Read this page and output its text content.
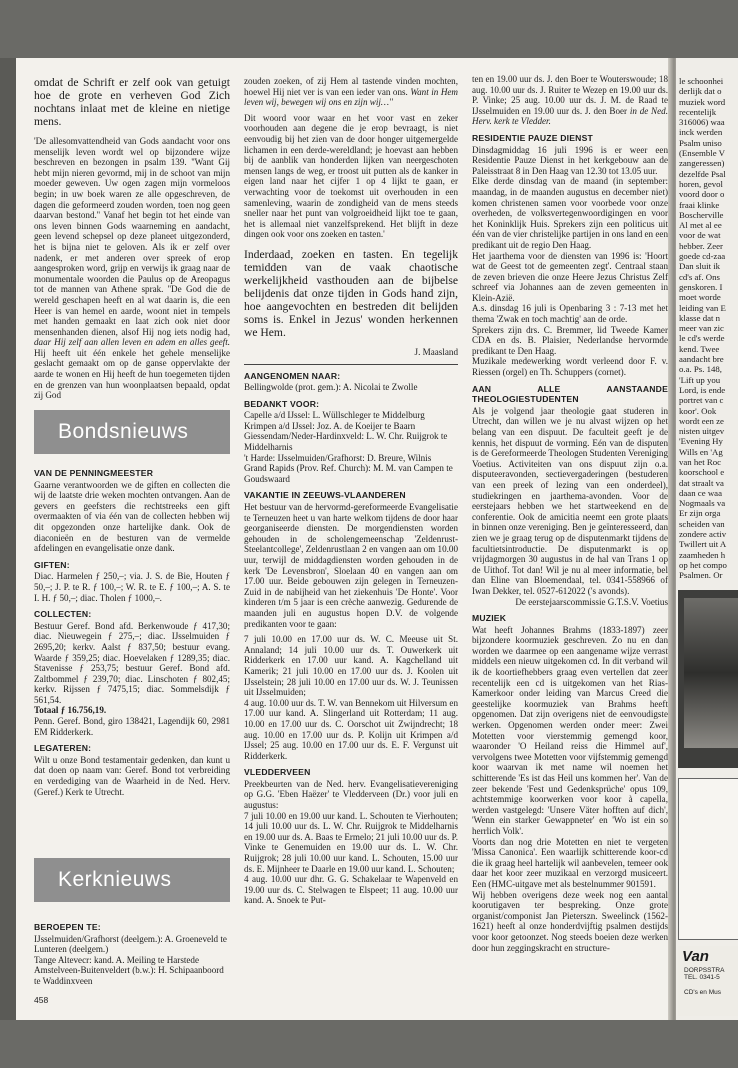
omdat de Schrift er zelf ook van getuigt hoe de grote en verheven God Zich nochtans inlaat met de kleine en nietige mens.

'De allesomvattendheid van Gods aandacht voor ons menselijk leven wordt wel op bijzondere wijze beschreven en bezongen in psalm 139. ''Want Gij hebt mijn nieren gevormd, mij in de schoot van mijn moeder geweven. Uw ogen zagen mijn vormeloos begin; in uw boek waren ze alle opgeschreven, de dagen die geformeerd zouden worden, toen nog geen daarvan bestond.'' Vanaf het begin tot het einde van ons leven binnen Gods waarneming en aandacht, geen levend schepsel op deze planeet uitgezonderd, het is bijna niet te geloven. Als ik er zelf over nadenk, er met anderen over spreek of erop aangesproken word, grijp en verwijs ik graag naar de monumentale woorden die Paulus op de Areopagus tot de mannen van Athene sprak. ''De God die de wereld geschapen heeft en al wat daarin is, die een Heer is van hemel en aarde, woont niet in tempels met handen gemaakt en laat zich ook niet door mensenhanden dienen, alsof Hij nog iets nodig had, daar Hij zelf aan allen leven en adem en alles geeft. Hij heeft uit één enkele het gehele menselijke geslacht gemaakt om op de ganse oppervlakte der aarde te wonen en Hij heeft de hun toegemeten tijden en de grenzen van hun woonplaatsen bepaald, opdat zij God

Bondsnieuws
VAN DE PENNINGMEESTER

Gaarne verantwoorden we de giften en collecten die wij de laatste drie weken mochten ontvangen. Aan de gevers en geefsters die rechtstreeks een gift overmaakten of via één van de collecten hebben wij dit opgezonden onze hartelijke dank. Ook de diaconieën en de besturen van de vermelde afdelingen en evangelisatie onze dank.

GIFTEN:

Diac. Harmelen ƒ 250,–; via. J. S. de Bie, Houten ƒ 50,–; J. P. te R. ƒ 100,–; W. R. te E. ƒ 100,–; A. S. te I. H. ƒ 50,–; diac. Tholen ƒ 1000,–.

COLLECTEN:

Bestuur Geref. Bond afd. Berkenwoude ƒ 417,30; diac. Nieuwegein ƒ 275,–; diac. IJsselmuiden ƒ 2695,20; kerkv. Aalst ƒ 837,50; bestuur evang. Waarde ƒ 359,25; diac. Hoevelaken ƒ 1289,35; diac. Stavenisse ƒ 253,75; bestuur Geref. Bond afd. Zaltbommel ƒ 239,70; diac. Linschoten ƒ 802,45; kerkv. Rijssen ƒ 7475,15; diac. Sommelsdijk ƒ 561,54.

Totaal ƒ 16.756,19.

Penn. Geref. Bond, giro 138421, Lagendijk 60, 2981 EM Ridderkerk.

LEGATEREN:

Wilt u onze Bond testamentair gedenken, dan kunt u dat doen op naam van: Geref. Bond tot verbreiding en verdediging van de Waarheid in de Ned. Herv. (Geref.) Kerk te Utrecht.

Kerknieuws
BEROEPEN TE:

IJsselmuiden/Grafhorst (deelgem.): A. Groeneveld te Lunteren (deelgem.)
Tange Altevecr: kand. A. Meiling te Harstede
Amstelveen-Buitenveldert (b.w.): H. Schipaanboord te Waddinxveen

458

zouden zoeken, of zij Hem al tastende vinden mochten, hoewel Hij niet ver is van een ieder van ons. Want in Hem leven wij, bewegen wij ons en zijn wij…''

Dit woord voor waar en het voor vast en zeker voorhouden aan degene die je erop bevraagt, is niet eenvoudig bij het zien van de door honger uitgemergelde lichamen in een derde-wereldland; je hoevast aan hebben bij de aanblik van honderden lijken van neergeschoten mensen langs de weg, er troost uit putten als de kanker in eigen land naar het cijfer 1 op 4 lijkt te gaan, er verwachting voor de toekomst uit overhouden in een samenleving, waarin de zondigheid van de mens steeds sneller naar het punt van volgroeidheid lijkt toe te gaan, het is allemaal niet vanzelfsprekend. Het blijft in deze dingen ook voor ons zoeken en tasten.'

Inderdaad, zoeken en tasten. En tegelijk temidden van de vaak chaotische werkelijkheid vasthouden aan de bijbelse belijdenis dat onze tijden in Gods hand zijn, hoe aangevochten en bestreden dit belijden soms is. Enkel in Jezus' wonden herkennen we Hem.

J. Maasland

AANGENOMEN NAAR:

Bellingwolde (prot. gem.): A. Nicolai te Zwolle

BEDANKT VOOR:

Capelle a/d IJssel: L. Wüllschleger te Middelburg
Krimpen a/d IJssel: Joz. A. de Koeijer te Baarn
Giessendam/Neder-Hardinxveld: L. W. Chr. Ruijgrok te Middelharnis
't Harde: IJsselmuiden/Grafhorst: D. Breure, Wilnis
Grand Rapids (Prov. Ref. Church): M. M. van Campen te Goudswaard

VAKANTIE IN ZEEUWS-VLAANDEREN

Het bestuur van de hervormd-gereformeerde Evangelisatie te Terneuzen heet u van harte welkom tijdens de door haar georganiseerde diensten. De morgendiensten worden gehouden in de scholengemeenschap 'Zeldenrust-Steelantcollege', Zeldenrustlaan 2 en vangen aan om 10.00 uur, terwijl de middagdiensten worden gehouden in de kerk 'De Levensbron', Sloelaan 40 en vangen aan om 17.00 uur. Beide gebouwen zijn gelegen in Terneuzen-Zuid in de nabijheid van het ziekenhuis 'De Honte'. Voor kinderen t/m 5 jaar is een crèche aanwezig. Gedurende de maanden juli en augustus hopen D.V. de volgende predikanten voor te gaan:

7 juli 10.00 en 17.00 uur ds. W. C. Meeuse uit St. Annaland; 14 juli 10.00 uur ds. T. Ouwerkerk uit Ridderkerk en 17.00 uur kand. A. Kagchelland uit Kamerik; 21 juli 10.00 en 17.00 uur ds. J. Koolen uit IJsselstein; 28 juli 10.00 en 17.00 uur ds. W. J. Teunissen uit IJsselmuiden;
4 aug. 10.00 uur ds. T. W. van Bennekom uit Hilversum en 17.00 uur kand. A. Slingerland uit Rotterdam; 11 aug. 10.00 en 17.00 uur ds. C. Oorschot uit Zwijndrecht; 18 aug. 10.00 en 17.00 uur ds. P. Kolijn uit Krimpen a/d IJssel; 25 aug. 10.00 en 17.00 uur ds. E. F. Vergunst uit Ridderkerk.

VLEDDERVEEN

Preekbeurten van de Ned. herv. Evangelisatievereniging op G.G. 'Eben Haëzer' te Vledderveen (Dr.) voor juli en augustus:
7 juli 10.00 en 19.00 uur kand. L. Schouten te Vierhouten; 14 juli 10.00 uur ds. L. W. Chr. Ruijgrok te Middelharnis en 19.00 uur ds. A. Baas te Ermelo; 21 juli 10.00 uur ds. P. Vinke te Genemuiden en 19.00 uur ds. L. W. Chr. Ruijgrok; 28 juli 10.00 uur kand. L. Schouten, 15.00 uur ds. E. Mijnheer te Daarle en 19.00 uur kand. L. Schouten;
4 aug. 10.00 uur dhr. G. G. Schakelaar te Wapenveld en 19.00 uur ds. C. Stelwagen te Elspeet; 11 aug. 10.00 uur kand. A. Snoek te Put-

ten en 19.00 uur ds. J. den Boer te Wouterswoude; 18 aug. 10.00 uur ds. J. Ruiter te Wezep en 19.00 uur ds. P. Vinke; 25 aug. 10.00 uur ds. J. M. de Raad te IJsselmuiden en 19.00 uur ds. J. den Boer in de Ned. Herv. kerk te Vledder.

RESIDENTIE PAUZE DIENST

Dinsdagmiddag 16 juli 1996 is er weer een Residentie Pauze Dienst in het kerkgebouw aan de Paleisstraat 8 in Den Haag van 12.30 tot 13.05 uur.

Elke derde dinsdag van de maand (in september: maandag, in de maanden augustus en december niet) komen christenen samen voor voorbede voor onze overheden, de volksvertegenwoordigingen en voor het Koninklijk Huis. Sprekers zijn een politicus uit één van de vier christelijke partijen in ons land en een predikant uit de regio Den Haag.

Het jaarthema voor de diensten van 1996 is: 'Hoort wat de Geest tot de gemeenten zegt'. Centraal staan de zeven brieven die onze Heere Jezus Christus Zelf schreef via Johannes aan de zeven gemeenten in Klein-Azië.

A.s. dinsdag 16 juli is Openbaring 3 : 7-13 met het thema 'Zwak en toch machtig' aan de orde.
Sprekers zijn drs. C. Bremmer, lid Tweede Kamer CDA en ds. B. Plaisier, Nederlandse hervormde predikant te Den Haag.
Muzikale medewerking wordt verleend door F. v. Riessen (orgel) en Th. Schuppers (cornet).

AAN ALLE AANSTAANDE THEOLOGIESTUDENTEN

Als je volgend jaar theologie gaat studeren in Utrecht, dan willen we je nu alvast wijzen op het belang van een dispuut. De faculteit geeft je de kennis, het dispuut de vorming. Eén van de disputen is de Gereformeerde Theologen Studenten Vereniging Voetius. Activiteiten van ons dispuut zijn o.a. disputeeravonden, sectievergaderingen (bestuderen van een preek of lezing van een onderdeel), studiekringen en jaarthema-avonden. Voor de eerstejaars hebben we het startweekend en de conferentie. Ook de amicitia neemt een grote plaats in binnen onze vereniging. Ben je geïnteresseerd, dan zien we je graag terug op de disputenmarkt tijdens de facultietsintroductie. De disputenmarkt is op vrijdagmorgen 30 augustus in de hal van Trans 1 op de Uithof. Tot dan! Wil je nu al meer informatie, bel dan Eline van Bloemendaal, tel. 0341-558966 of Iwan Dekker, tel. 0527-612022 ('s avonds).

De eerstejaarscommissie G.T.S.V. Voetius

MUZIEK

Wat heeft Johannes Brahms (1833-1897) zeer bijzondere koormuziek geschreven. Zo nu en dan worden we daarmee op een aangename wijze verrast middels een nieuw uitgekomen cd. In dit verband wil ik de koortiefhebbers graag even vertellen dat zeer recentelijk een cd is uitgekomen van het Rias-Kamerkoor onder leiding van Marcus Creed die geestelijke koormuziek van Brahms heeft opgenomen. Dat zijn overigens niet de eenvoudigste werken. Opgenomen werden onder meer: Zwei Motetten voor vierstemmig gemengd koor, waaronder 'O Heiland reiss die Himmel auf', vervolgens twee Motetten voor vijfstemmig gemengd koor waarvan ik met name wil noemen het schitterende 'Es ist das Heil uns kommen her'. Van de zeer bekende 'Fest und Gedenksprüche' opus 109, achtstemmige koorwerken voor koor à capella, werden vastgelegd: 'Unsere Väter hofften auf dich', 'Wenn ein starker Gewappneter' en 'Wo ist ein so herrlich Volk'.

Voorts dan nog drie Motetten en niet te vergeten 'Missa Canonica'. Een waarlijk schitterende koor-cd die ik graag heel hartelijk wil aanbevelen, temeer ook daar het koor zeer muzikaal en verzorgd musiceert. Een (HMC-uitgave met als bestelnummer 901591.

Wij hebben overigens deze week nog een aantal koorutigaven ter bespreking. Onze grote organist/componist Jan Pieterszn. Sweelinck (1562-1621) heeft al onze honderdvijftig psalmen destijds voor koor getoonzet. Nog steeds boeien deze werken door hun zeggingskracht en structure-

le schoonhei
derlijk dat o
muziek word
recentelijk
316006) waa
inck werden
Psalm uniso
(Ensemble V
zangeressen)
dezelfde Psal
horen, gevol
voord door o
fraai klinke
Boscherville
Al met al ee
voor de wat
hebber. Zeer
goede cd-zaa
Dan sluit ik
cd's af. Ons
genskoren. I
moet worde
leiding van E
klasse dat n
meer van zic
le cd's werde
kend. Twee
aandacht bre
o.a. Ps. 148,
'Lift up you
Lord, is ende
portret van c
koor'. Ook
wordt een ze
nisten uitgev
'Evening Hy
Wills en 'Ag
van het Roc
koorschool e
dat straalt va
daan ce waa
Nogmaals va
Er zijn orga
scheiden van
zondere activ
Twillert uit A
zaamheden h
op het compo
Psalmen. Or
Van
DORPSSTRA
TEL. 0341-5
CD's en Mus
